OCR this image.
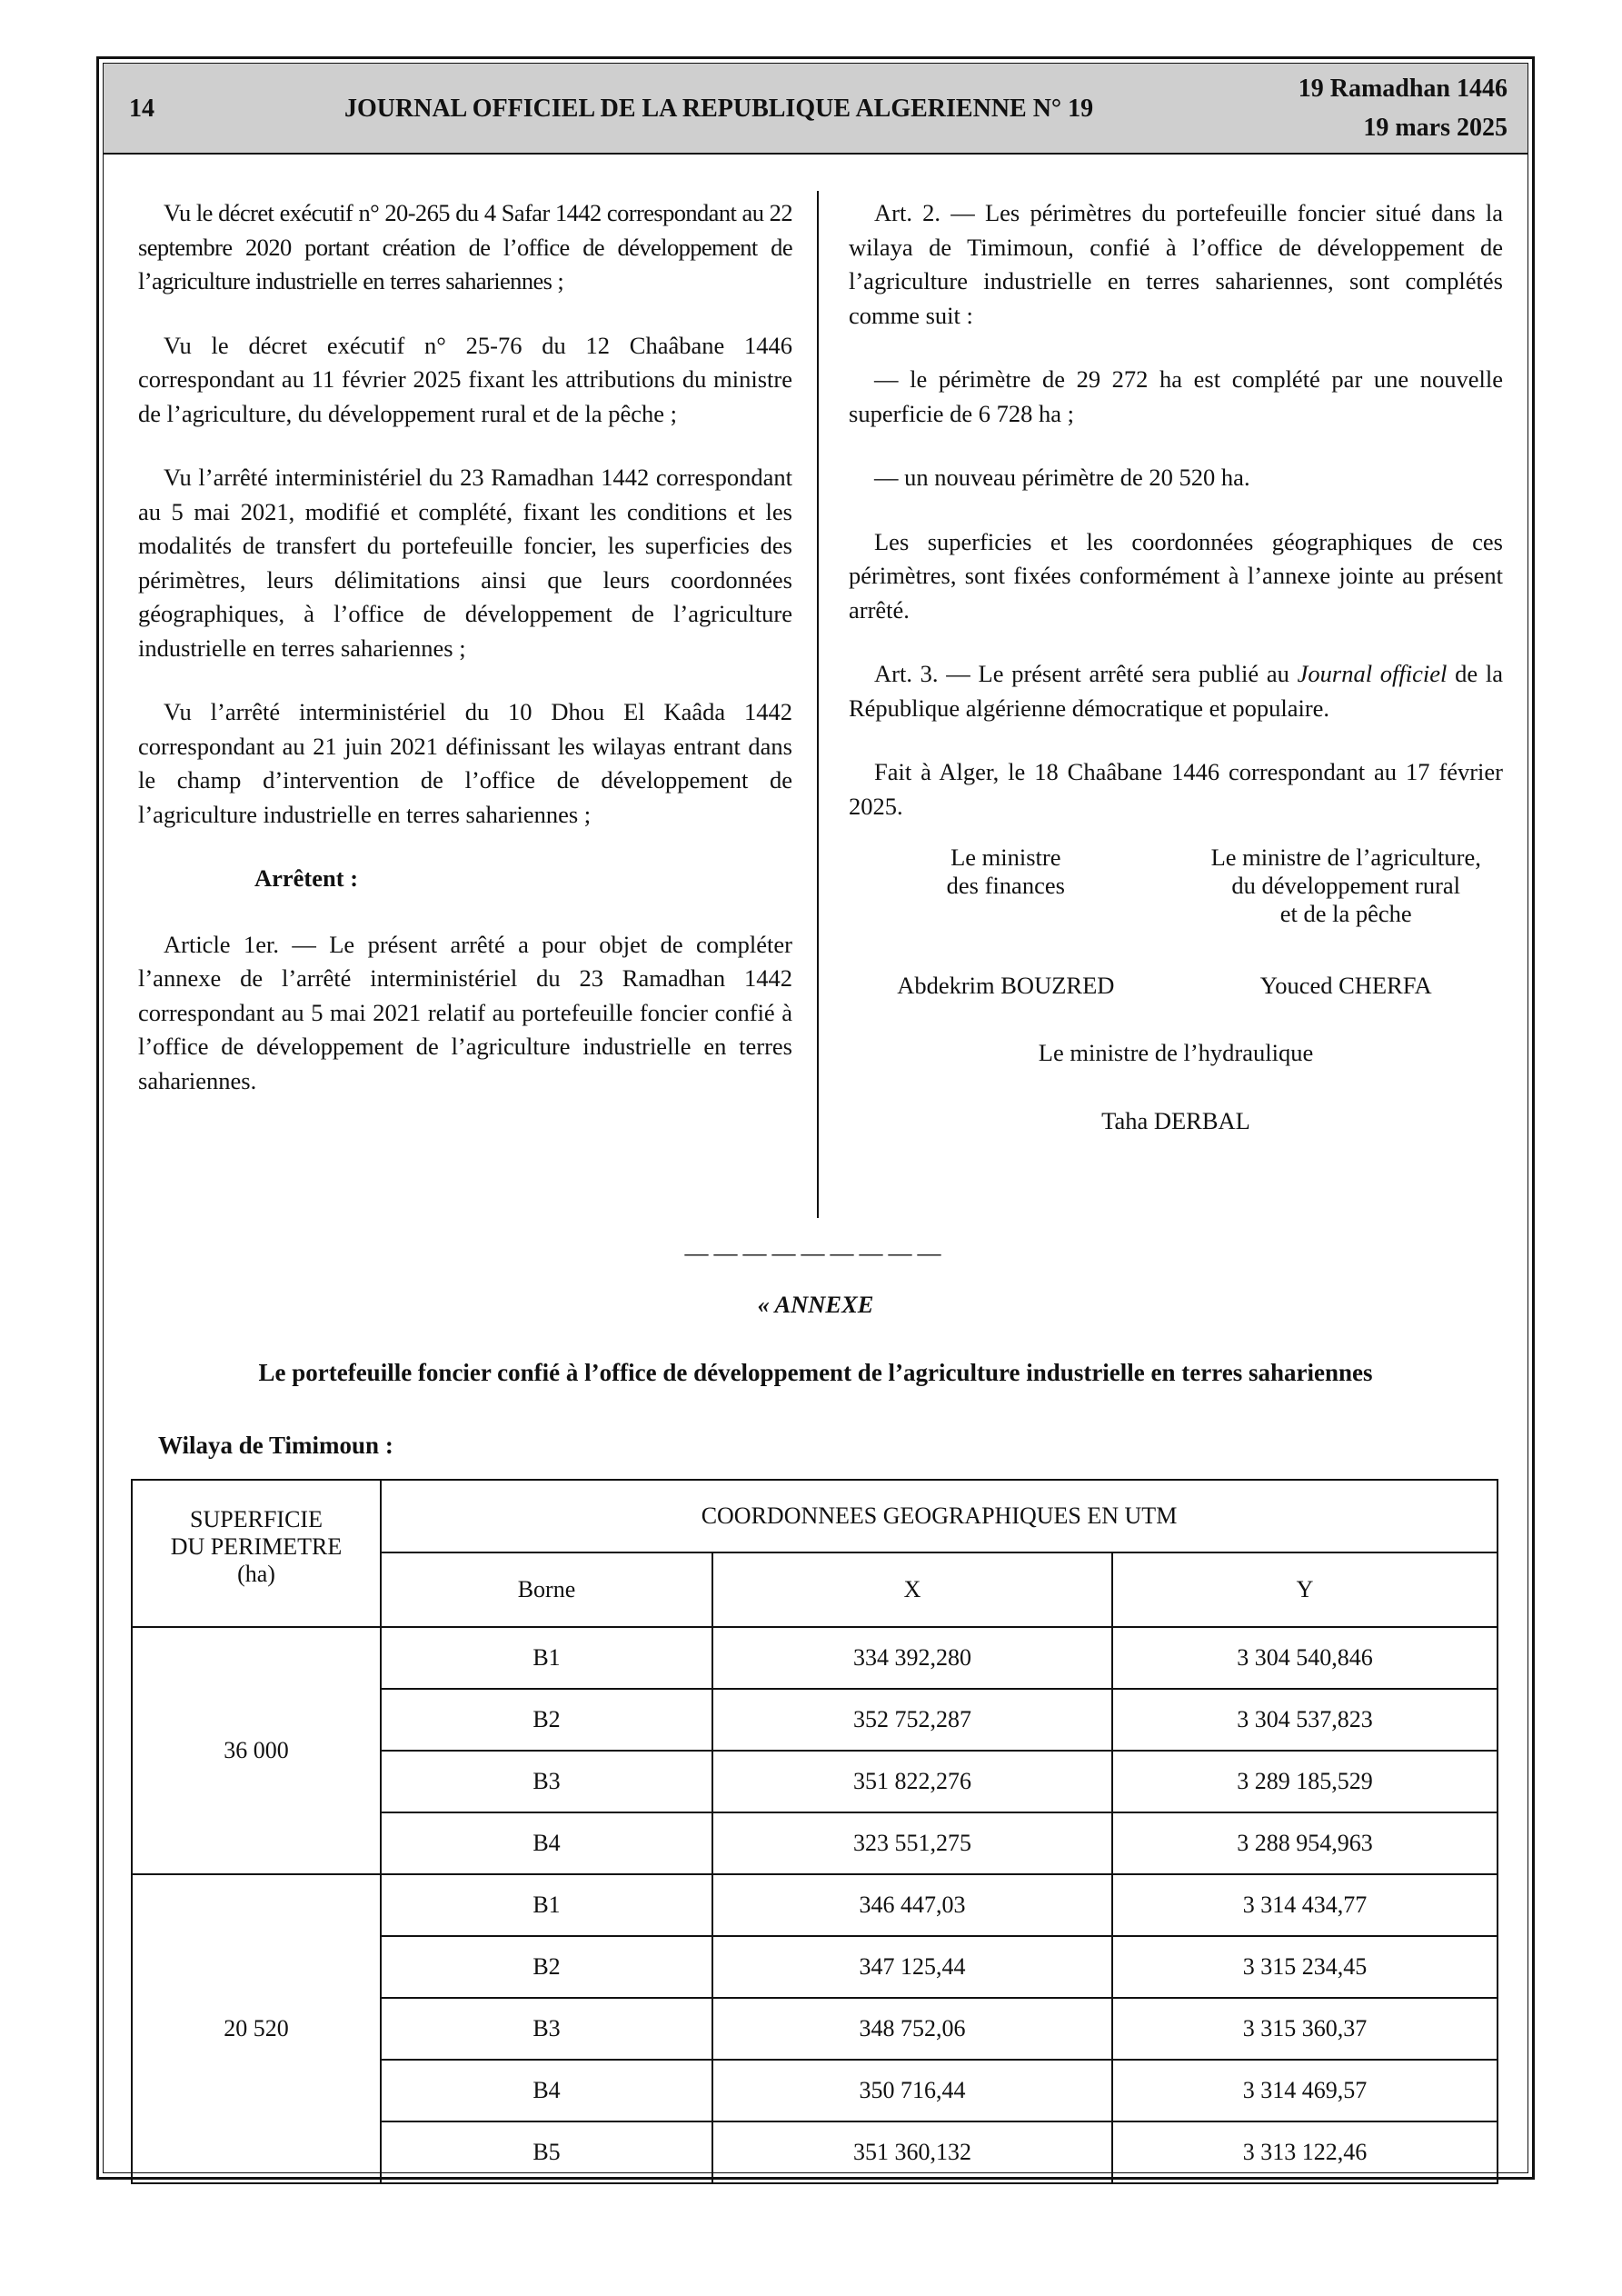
14	JOURNAL OFFICIEL DE LA REPUBLIQUE ALGERIENNE N° 19
19 Ramadhan 1446
19 mars 2025

Vu le décret exécutif n° 20-265 du 4 Safar 1442 correspondant au 22 septembre 2020 portant création de l’office de développement de l’agriculture industrielle en terres sahariennes ;

Vu le décret exécutif n° 25-76 du 12 Chaâbane 1446 correspondant au 11 février 2025 fixant les attributions du ministre de l’agriculture, du développement rural et de la pêche ;

Vu l’arrêté interministériel du 23 Ramadhan 1442 correspondant au 5 mai 2021, modifié et complété, fixant les conditions et les modalités de transfert du portefeuille foncier, les superficies des périmètres, leurs délimitations ainsi que leurs coordonnées géographiques, à l’office de développement de l’agriculture industrielle en terres sahariennes ;

Vu l’arrêté interministériel du 10 Dhou El Kaâda 1442 correspondant au 21 juin 2021 définissant les wilayas entrant dans le champ d’intervention de l’office de développement de l’agriculture industrielle en terres sahariennes ;

Arrêtent :

Article 1er. — Le présent arrêté a pour objet de compléter l’annexe de l’arrêté interministériel du 23 Ramadhan 1442 correspondant au 5 mai 2021 relatif au portefeuille foncier confié à l’office de développement de l’agriculture industrielle en terres sahariennes.

Art. 2. — Les périmètres du portefeuille foncier situé dans la wilaya de Timimoun, confié à l’office de développement de l’agriculture industrielle en terres sahariennes, sont complétés comme suit :

— le périmètre de 29 272 ha est complété par une nouvelle superficie de 6 728 ha ;

— un nouveau périmètre de 20 520 ha.

Les superficies et les coordonnées géographiques de ces périmètres, sont fixées conformément à l’annexe jointe au présent arrêté.

Art. 3. — Le présent arrêté sera publié au Journal officiel de la République algérienne démocratique et populaire.

Fait à Alger, le 18 Chaâbane 1446 correspondant au 17 février 2025.

Le ministre
des finances
Le ministre de l’agriculture,
du développement rural
et de la pêche
Abdekrim BOUZRED	Youced CHERFA
Le ministre de l’hydraulique
Taha DERBAL
—————————
« ANNEXE
Le portefeuille foncier confié à l’office de développement de l’agriculture industrielle en terres sahariennes
Wilaya de Timimoun :
SUPERFICIE
DU PERIMETRE
(ha)	COORDONNEES GEOGRAPHIQUES EN UTM		
	Borne	X	Y
36 000	B1	334 392,280	3 304 540,846
	B2	352 752,287	3 304 537,823
	B3	351 822,276	3 289 185,529
	B4	323 551,275	3 288 954,963
20 520	B1	346 447,03	3 314 434,77
	B2	347 125,44	3 315 234,45
	B3	348 752,06	3 315 360,37
	B4	350 716,44	3 314 469,57
	B5	351 360,132	3 313 122,46
